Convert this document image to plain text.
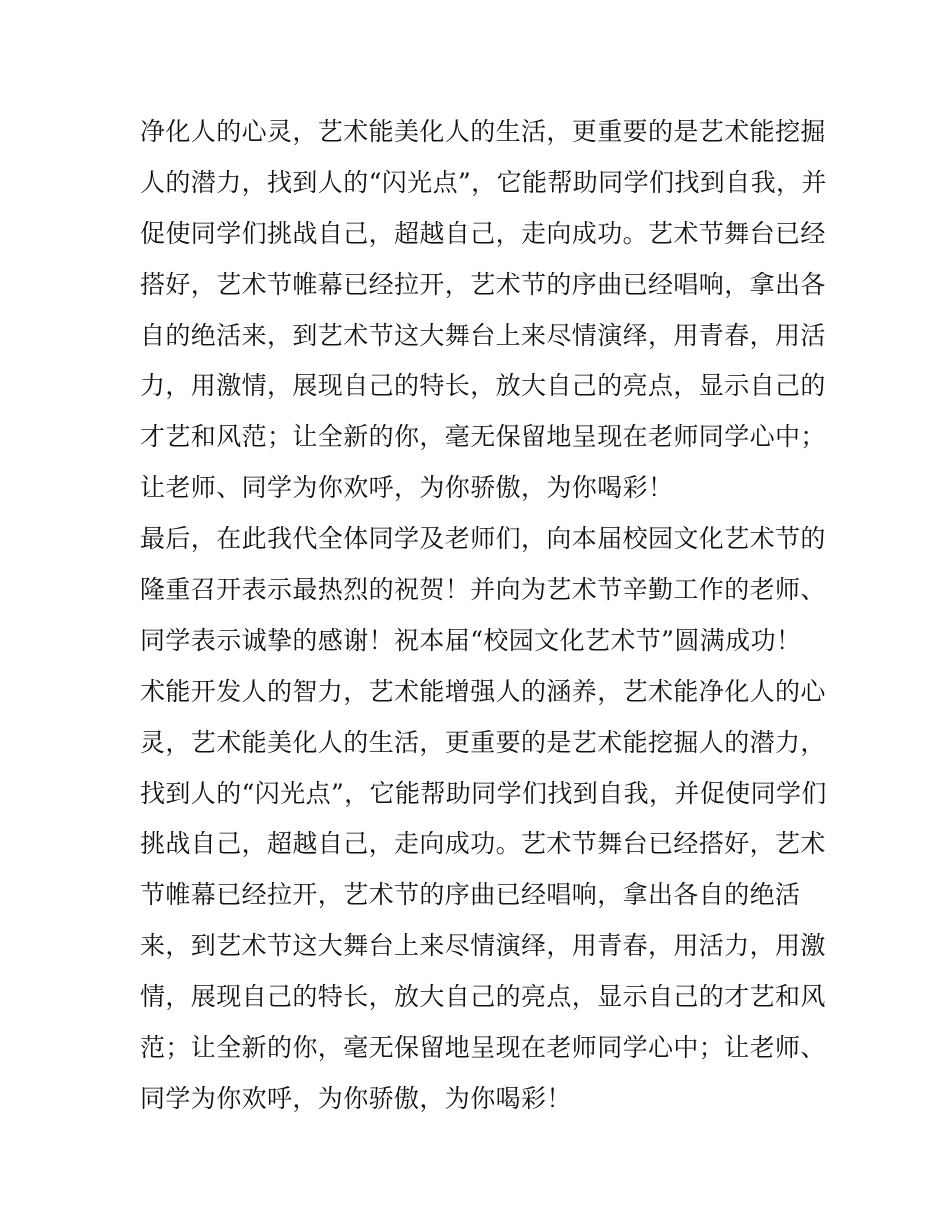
净化人的心灵，艺术能美化人的生活，更重要的是艺术能挖掘
人的潜力，找到人的“闪光点”，它能帮助同学们找到自我，并
促使同学们挑战自己，超越自己，走向成功。艺术节舞台已经
搭好，艺术节帷幕已经拉开，艺术节的序曲已经唱响，拿出各
自的绝活来，到艺术节这大舞台上来尽情演绎，用青春，用活
力，用激情，展现自己的特长，放大自己的亮点，显示自己的
才艺和风范；让全新的你，毫无保留地呈现在老师同学心中；
让老师、同学为你欢呼，为你骄傲，为你喝彩！
最后，在此我代全体同学及老师们，向本届校园文化艺术节的
隆重召开表示最热烈的祝贺！并向为艺术节辛勤工作的老师、
同学表示诚挚的感谢！祝本届“校园文化艺术节”圆满成功！
术能开发人的智力，艺术能增强人的涵养，艺术能净化人的心
灵，艺术能美化人的生活，更重要的是艺术能挖掘人的潜力，
找到人的“闪光点”，它能帮助同学们找到自我，并促使同学们
挑战自己，超越自己，走向成功。艺术节舞台已经搭好，艺术
节帷幕已经拉开，艺术节的序曲已经唱响，拿出各自的绝活
来，到艺术节这大舞台上来尽情演绎，用青春，用活力，用激
情，展现自己的特长，放大自己的亮点，显示自己的才艺和风
范；让全新的你，毫无保留地呈现在老师同学心中；让老师、
同学为你欢呼，为你骄傲，为你喝彩！
